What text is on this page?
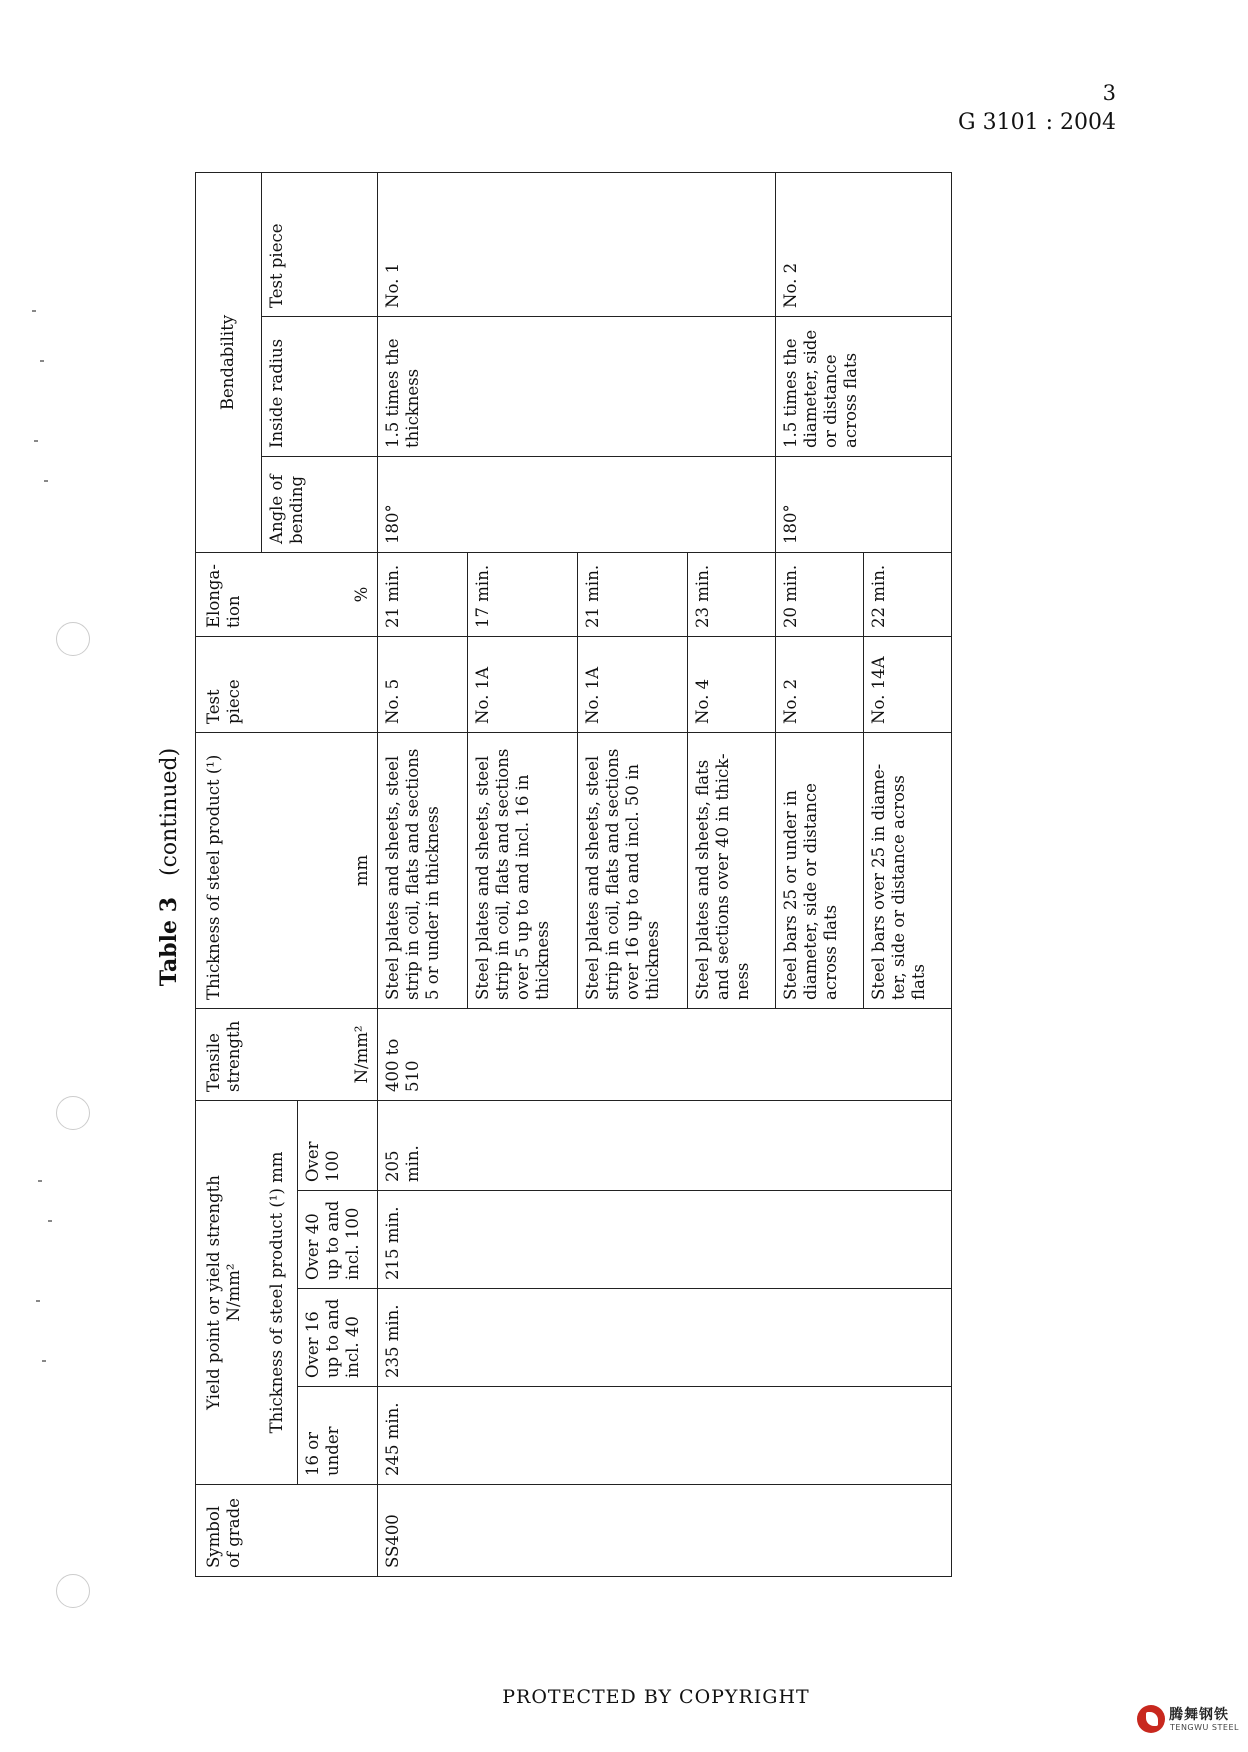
3
G 3101 : 2004
Table 3   (continued)
Symbol of grade	Yield point or yield strength N/mm²				Tensile strength	Thickness of steel product (¹)	Test piece	Elonga-tion	Bendability		
	Thickness of steel product (¹) mm								Angle of bending	Inside radius	Test piece
	16 or under	Over 16 up to and incl. 40	Over 40 up to and incl. 100	Over 100							
					N/mm²	mm		%			
SS400	245 min.	235 min.	215 min.	205 min.	400 to 510	Steel plates and sheets, steel strip in coil, flats and sections 5 or under in thickness	No. 5	21 min.	180°	1.5 times the thickness	No. 1
						Steel plates and sheets, steel strip in coil, flats and sections over 5 up to and incl. 16 in thickness	No. 1A	17 min.			
						Steel plates and sheets, steel strip in coil, flats and sections over 16 up to and incl. 50 in thickness	No. 1A	21 min.			
						Steel plates and sheets, flats and sections over 40 in thick-ness	No. 4	23 min.			
						Steel bars 25 or under in diameter, side or distance across flats	No. 2	20 min.	180°	1.5 times the diameter, side or distance across flats	No. 2
						Steel bars over 25 in diame-ter, side or distance across flats	No. 14A	22 min.			
PROTECTED BY COPYRIGHT
腾舞钢铁
TENGWU STEEL
